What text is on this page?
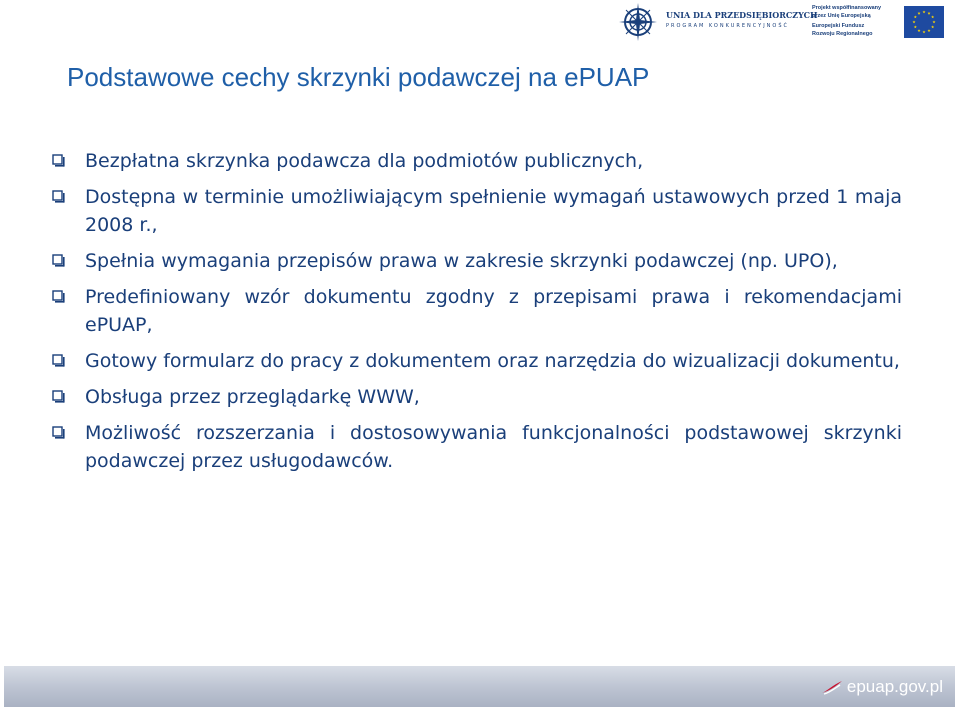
UNIA DLA PRZEDSIĘBIORCZYCH
PROGRAM KONKURENCYJNOŚĆ
Projekt współfinansowany
przez Unię Europejską
Europejski Fundusz
Rozwoju Regionalnego
Podstawowe cechy skrzynki podawczej na ePUAP
Bezpłatna skrzynka podawcza dla podmiotów publicznych,
Dostępna w terminie umożliwiającym spełnienie wymagań ustawowych przed 1 maja 2008 r.,
Spełnia wymagania przepisów prawa w zakresie skrzynki podawczej (np. UPO),
Predefiniowany wzór dokumentu zgodny z przepisami prawa i rekomendacjami ePUAP,
Gotowy formularz do pracy z dokumentem oraz narzędzia do wizualizacji dokumentu,
Obsługa przez przeglądarkę WWW,
Możliwość rozszerzania i dostosowywania funkcjonalności podstawowej skrzynki podawczej przez usługodawców.
epuap.gov.pl
